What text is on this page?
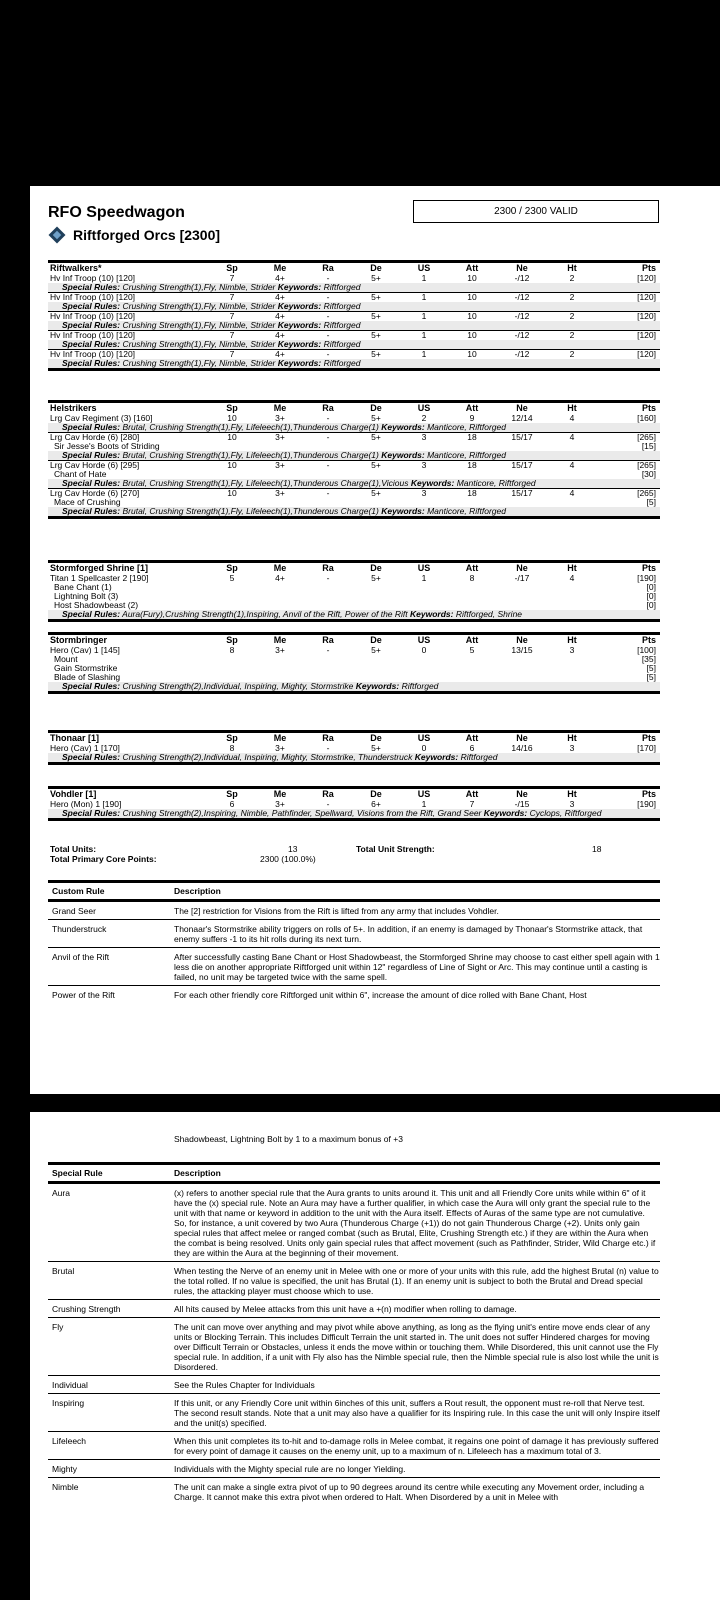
RFO Speedwagon
Riftforged Orcs [2300]
2300 / 2300 VALID
Riftwalkers*	Sp	Me	Ra	De	US	Att	Ne	Ht	Pts
Hv Inf Troop (10) [120]	7	4+	-	5+	1	10	-/12	2	[120]
Special Rules: Crushing Strength(1),Fly, Nimble, Strider Keywords: Riftforged
Hv Inf Troop (10) [120]	7	4+	-	5+	1	10	-/12	2	[120]
Special Rules: Crushing Strength(1),Fly, Nimble, Strider Keywords: Riftforged
Hv Inf Troop (10) [120]	7	4+	-	5+	1	10	-/12	2	[120]
Special Rules: Crushing Strength(1),Fly, Nimble, Strider Keywords: Riftforged
Hv Inf Troop (10) [120]	7	4+	-	5+	1	10	-/12	2	[120]
Special Rules: Crushing Strength(1),Fly, Nimble, Strider Keywords: Riftforged
Hv Inf Troop (10) [120]	7	4+	-	5+	1	10	-/12	2	[120]
Special Rules: Crushing Strength(1),Fly, Nimble, Strider Keywords: Riftforged
Helstrikers	Sp	Me	Ra	De	US	Att	Ne	Ht	Pts
Lrg Cav Regiment (3) [160]	10	3+	-	5+	2	9	12/14	4	[160]
Special Rules: Brutal, Crushing Strength(1),Fly, Lifeleech(1),Thunderous Charge(1) Keywords: Manticore, Riftforged
Lrg Cav Horde (6) [280]	10	3+	-	5+	3	18	15/17	4	[265]
Sir Jesse's Boots of Striding	[15]
Special Rules: Brutal, Crushing Strength(1),Fly, Lifeleech(1),Thunderous Charge(1) Keywords: Manticore, Riftforged
Lrg Cav Horde (6) [295]	10	3+	-	5+	3	18	15/17	4	[265]
Chant of Hate	[30]
Special Rules: Brutal, Crushing Strength(1),Fly, Lifeleech(1),Thunderous Charge(1),Vicious Keywords: Manticore, Riftforged
Lrg Cav Horde (6) [270]	10	3+	-	5+	3	18	15/17	4	[265]
Mace of Crushing	[5]
Special Rules: Brutal, Crushing Strength(1),Fly, Lifeleech(1),Thunderous Charge(1) Keywords: Manticore, Riftforged
Stormforged Shrine [1]	Sp	Me	Ra	De	US	Att	Ne	Ht	Pts
Titan 1 Spellcaster 2 [190]	5	4+	-	5+	1	8	-/17	4	[190]
Bane Chant (1)	[0]
Lightning Bolt (3)	[0]
Host Shadowbeast (2)	[0]
Special Rules: Aura(Fury),Crushing Strength(1),Inspiring, Anvil of the Rift, Power of the Rift Keywords: Riftforged, Shrine
Stormbringer	Sp	Me	Ra	De	US	Att	Ne	Ht	Pts
Hero (Cav) 1 [145]	8	3+	-	5+	0	5	13/15	3	[100]
Mount	[35]
Gain Stormstrike	[5]
Blade of Slashing	[5]
Special Rules: Crushing Strength(2),Individual, Inspiring, Mighty, Stormstrike Keywords: Riftforged
Thonaar [1]	Sp	Me	Ra	De	US	Att	Ne	Ht	Pts
Hero (Cav) 1 [170]	8	3+	-	5+	0	6	14/16	3	[170]
Special Rules: Crushing Strength(2),Individual, Inspiring, Mighty, Stormstrike, Thunderstruck Keywords: Riftforged
Vohdler [1]	Sp	Me	Ra	De	US	Att	Ne	Ht	Pts
Hero (Mon) 1 [190]	6	3+	-	6+	1	7	-/15	3	[190]
Special Rules: Crushing Strength(2),Inspiring, Nimble, Pathfinder, Spellward, Visions from the Rift, Grand Seer Keywords: Cyclops, Riftforged
Total Units:	13	Total Unit Strength:	18
Total Primary Core Points:	2300 (100.0%)
Custom Rule	Description
Grand Seer	The [2] restriction for Visions from the Rift is lifted from any army that includes Vohdler.
Thunderstruck	Thonaar's Stormstrike ability triggers on rolls of 5+. In addition, if an enemy is damaged by Thonaar's Stormstrike attack, that enemy suffers -1 to its hit rolls during its next turn.
Anvil of the Rift	After successfully casting Bane Chant or Host Shadowbeast, the Stormforged Shrine may choose to cast either spell again with 1 less die on another appropriate Riftforged unit within 12" regardless of Line of Sight or Arc. This may continue until a casting is failed, no unit may be targeted twice with the same spell.
Power of the Rift	For each other friendly core Riftforged unit within 6", increase the amount of dice rolled with Bane Chant, Host
Shadowbeast, Lightning Bolt by 1 to a maximum bonus of +3
Special Rule	Description
Aura	(x) refers to another special rule that the Aura grants to units around it. This unit and all Friendly Core units while within 6" of it have the (x) special rule. Note an Aura may have a further qualifier, in which case the Aura will only grant the special rule to the unit with that name or keyword in addition to the unit with the Aura itself. Effects of Auras of the same type are not cumulative. So, for instance, a unit covered by two Aura (Thunderous Charge (+1)) do not gain Thunderous Charge (+2). Units only gain special rules that affect melee or ranged combat (such as Brutal, Elite, Crushing Strength etc.) if they are within the Aura when the combat is being resolved. Units only gain special rules that affect movement (such as Pathfinder, Strider, Wild Charge etc.) if they are within the Aura at the beginning of their movement.
Brutal	When testing the Nerve of an enemy unit in Melee with one or more of your units with this rule, add the highest Brutal (n) value to the total rolled. If no value is specified, the unit has Brutal (1). If an enemy unit is subject to both the Brutal and Dread special rules, the attacking player must choose which to use.
Crushing Strength	All hits caused by Melee attacks from this unit have a +(n) modifier when rolling to damage.
Fly	The unit can move over anything and may pivot while above anything, as long as the flying unit's entire move ends clear of any units or Blocking Terrain. This includes Difficult Terrain the unit started in. The unit does not suffer Hindered charges for moving over Difficult Terrain or Obstacles, unless it ends the move within or touching them. While Disordered, this unit cannot use the Fly special rule. In addition, if a unit with Fly also has the Nimble special rule, then the Nimble special rule is also lost while the unit is Disordered.
Individual	See the Rules Chapter for Individuals
Inspiring	If this unit, or any Friendly Core unit within 6inches of this unit, suffers a Rout result, the opponent must re-roll that Nerve test. The second result stands. Note that a unit may also have a qualifier for its Inspiring rule. In this case the unit will only Inspire itself and the unit(s) specified.
Lifeleech	When this unit completes its to-hit and to-damage rolls in Melee combat, it regains one point of damage it has previously suffered for every point of damage it causes on the enemy unit, up to a maximum of n. Lifeleech has a maximum total of 3.
Mighty	Individuals with the Mighty special rule are no longer Yielding.
Nimble	The unit can make a single extra pivot of up to 90 degrees around its centre while executing any Movement order, including a Charge. It cannot make this extra pivot when ordered to Halt. When Disordered by a unit in Melee with
